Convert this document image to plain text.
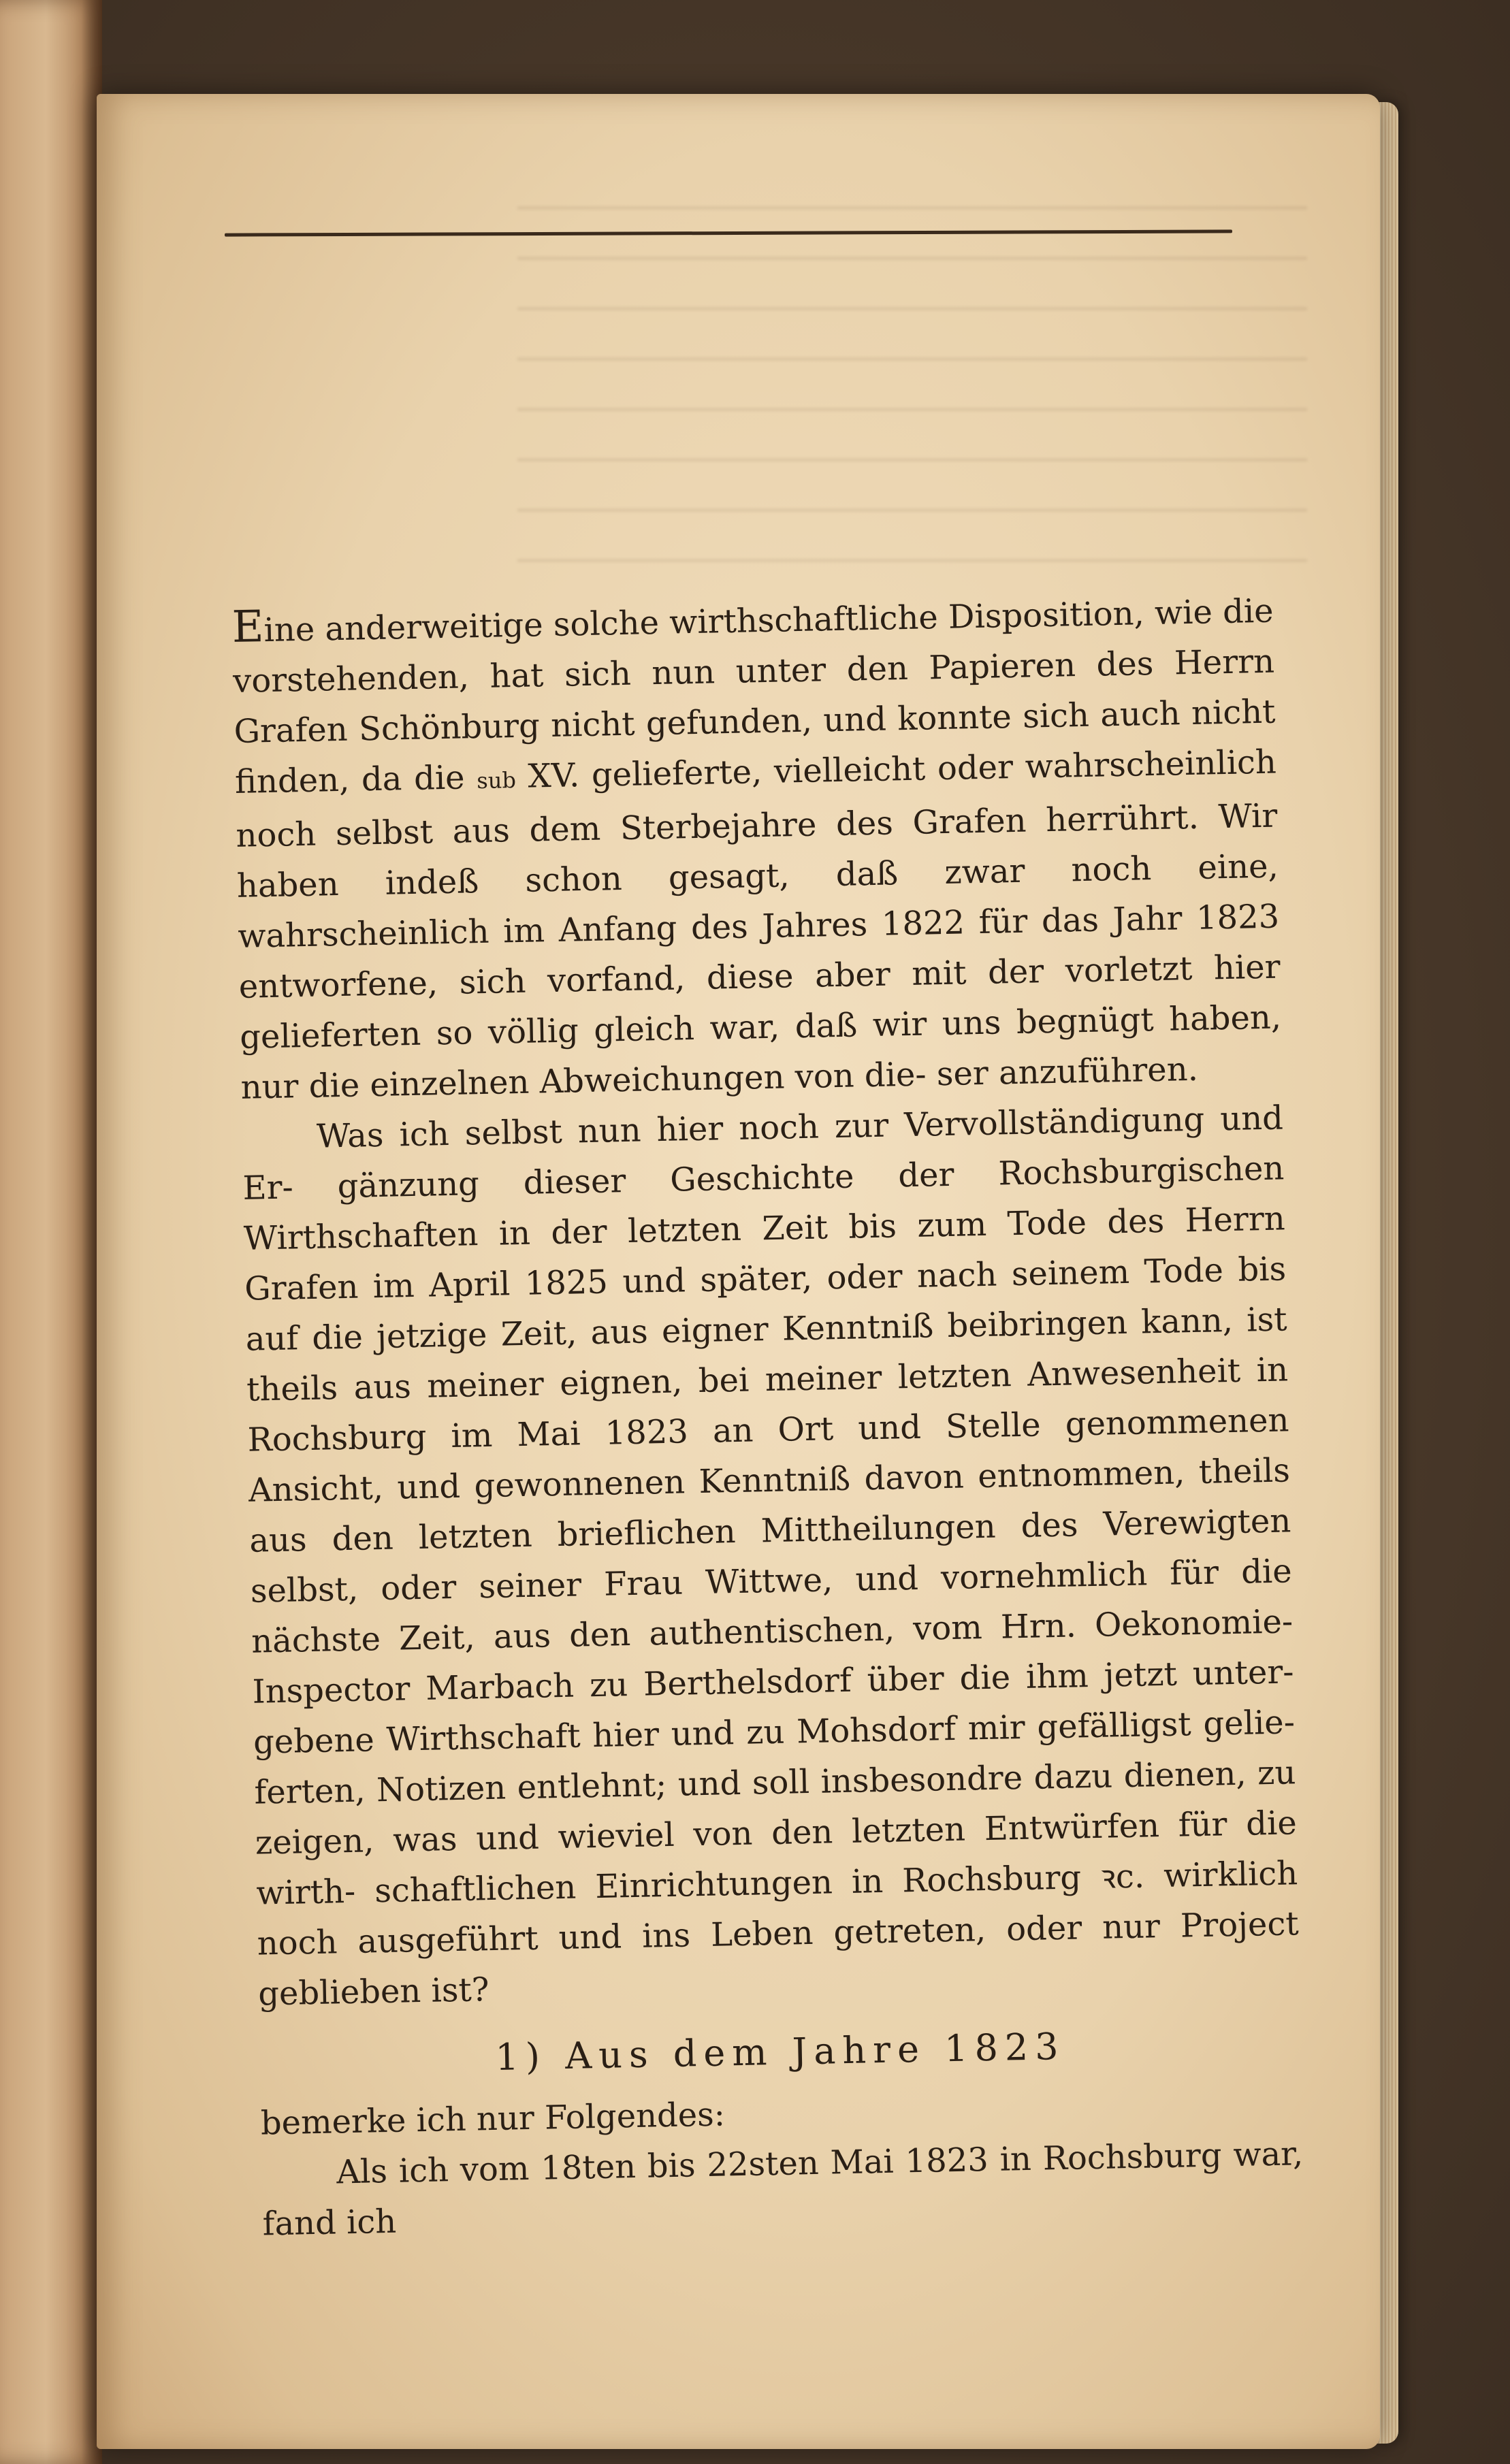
Eine anderweitige solche wirthschaftliche Disposition, wie die vorstehenden, hat sich nun unter den Papieren des Herrn Grafen Schönburg nicht gefunden, und konnte sich auch nicht finden, da die sub XV. gelieferte, vielleicht oder wahrscheinlich noch selbst aus dem Sterbejahre des Grafen herrührt. Wir haben indeß schon gesagt, daß zwar noch eine, wahrscheinlich im Anfang des Jahres 1822 für das Jahr 1823 entworfene, sich vorfand, diese aber mit der vorletzt hier gelieferten so völlig gleich war, daß wir uns begnügt haben, nur die einzelnen Abweichungen von die- ser anzuführen.

Was ich selbst nun hier noch zur Vervollständigung und Er- gänzung dieser Geschichte der Rochsburgischen Wirthschaften in der letzten Zeit bis zum Tode des Herrn Grafen im April 1825 und später, oder nach seinem Tode bis auf die jetzige Zeit, aus eigner Kenntniß beibringen kann, ist theils aus meiner eignen, bei meiner letzten Anwesenheit in Rochsburg im Mai 1823 an Ort und Stelle genommenen Ansicht, und gewonnenen Kenntniß davon entnommen, theils aus den letzten brieflichen Mittheilungen des Verewigten selbst, oder seiner Frau Wittwe, und vornehmlich für die nächste Zeit, aus den authentischen, vom Hrn. Oekonomie- Inspector Marbach zu Berthelsdorf über die ihm jetzt unter- gebene Wirthschaft hier und zu Mohsdorf mir gefälligst gelie- ferten, Notizen entlehnt; und soll insbesondre dazu dienen, zu zeigen, was und wieviel von den letzten Entwürfen für die wirth- schaftlichen Einrichtungen in Rochsburg ꝛc. wirklich noch ausgeführt und ins Leben getreten, oder nur Project geblieben ist?

1) Aus dem Jahre 1823

bemerke ich nur Folgendes:

Als ich vom 18ten bis 22sten Mai 1823 in Rochsburg war, fand ich
